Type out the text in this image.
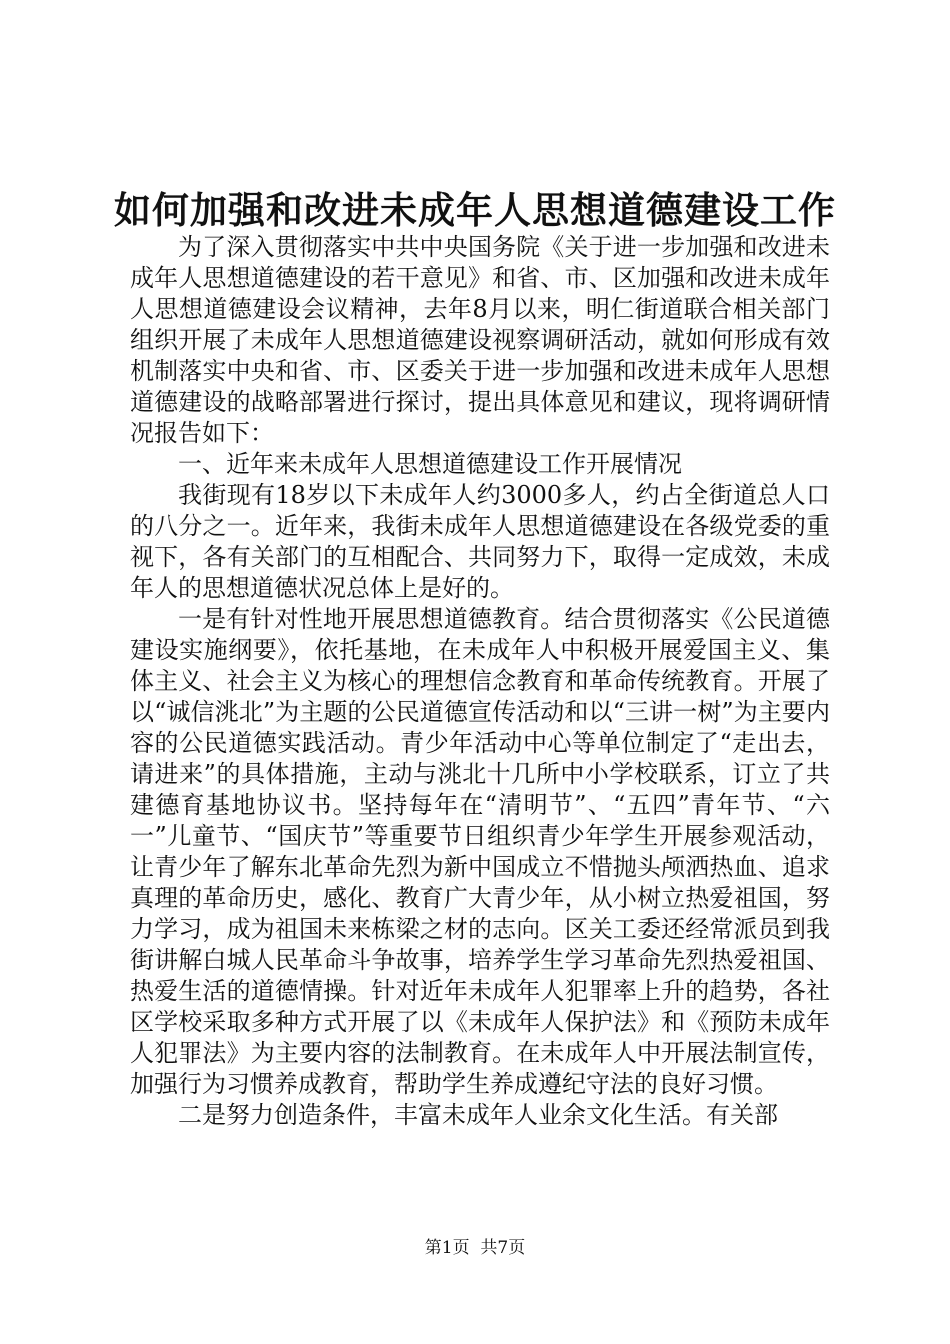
如何加强和改进未成年人思想道德建设工作

为了深入贯彻落实中共中央国务院《关于进一步加强和改进未成年人思想道德建设的若干意见》和省、市、区加强和改进未成年人思想道德建设会议精神，去年8月以来，明仁街道联合相关部门组织开展了未成年人思想道德建设视察调研活动，就如何形成有效机制落实中央和省、市、区委关于进一步加强和改进未成年人思想道德建设的战略部署进行探讨，提出具体意见和建议，现将调研情况报告如下：

一、近年来未成年人思想道德建设工作开展情况

我街现有18岁以下未成年人约3000多人，约占全街道总人口的八分之一。近年来，我街未成年人思想道德建设在各级党委的重视下，各有关部门的互相配合、共同努力下，取得一定成效，未成年人的思想道德状况总体上是好的。

一是有针对性地开展思想道德教育。结合贯彻落实《公民道德建设实施纲要》，依托基地，在未成年人中积极开展爱国主义、集体主义、社会主义为核心的理想信念教育和革命传统教育。开展了以“诚信洮北”为主题的公民道德宣传活动和以“三讲一树”为主要内容的公民道德实践活动。青少年活动中心等单位制定了“走出去，请进来”的具体措施，主动与洮北十几所中小学校联系，订立了共建德育基地协议书。坚持每年在“清明节”、“五四”青年节、“六一”儿童节、“国庆节”等重要节日组织青少年学生开展参观活动，让青少年了解东北革命先烈为新中国成立不惜抛头颅洒热血、追求真理的革命历史，感化、教育广大青少年，从小树立热爱祖国，努力学习，成为祖国未来栋梁之材的志向。区关工委还经常派员到我街讲解白城人民革命斗争故事，培养学生学习革命先烈热爱祖国、热爱生活的道德情操。针对近年未成年人犯罪率上升的趋势，各社区学校采取多种方式开展了以《未成年人保护法》和《预防未成年人犯罪法》为主要内容的法制教育。在未成年人中开展法制宣传，加强行为习惯养成教育，帮助学生养成遵纪守法的良好习惯。

二是努力创造条件，丰富未成年人业余文化生活。有关部

第1页  共7页
